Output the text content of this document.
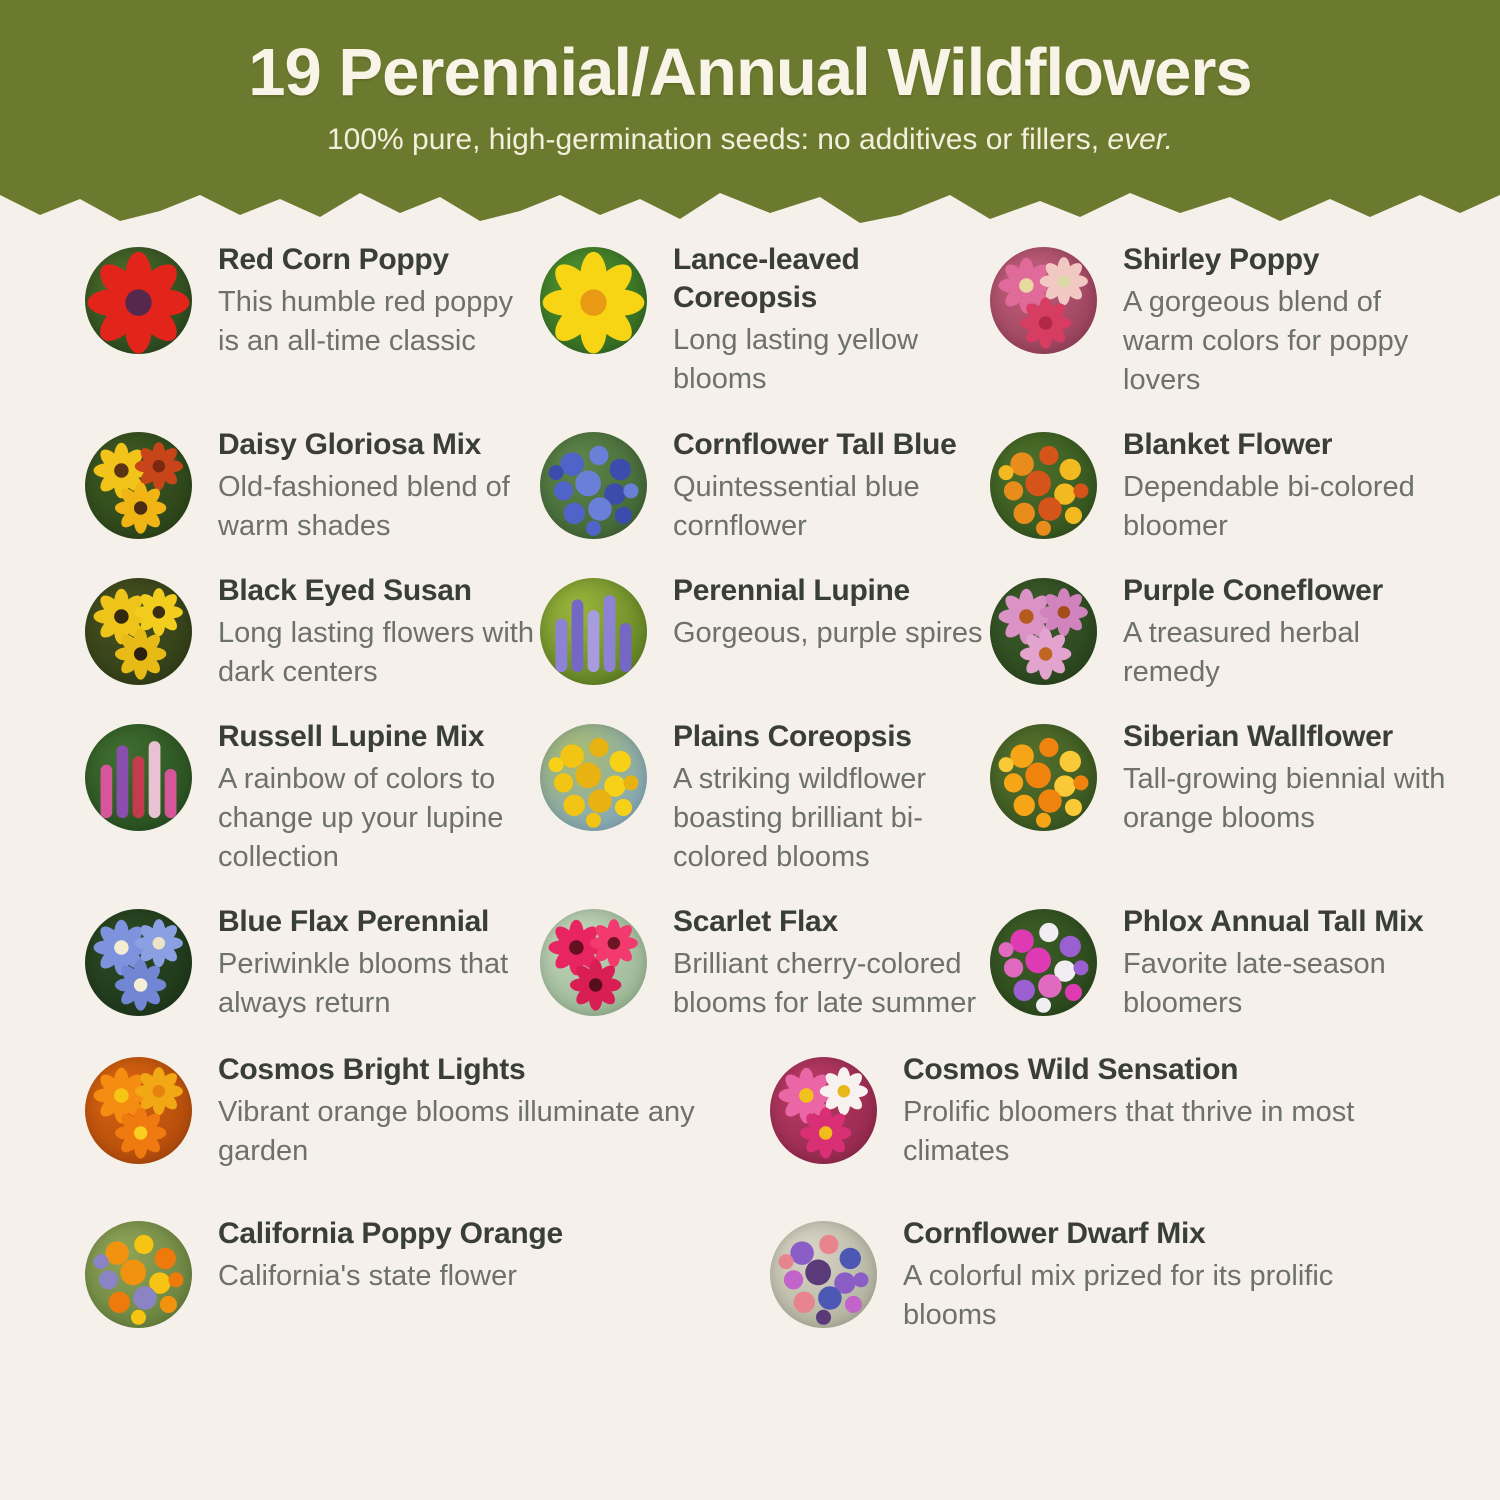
19 Perennial/Annual Wildflowers

100% pure, high-germination seeds: no additives or fillers, ever.

Red Corn Poppy

This humble red poppy is an all-time classic

Lance-leaved Coreopsis

Long lasting yellow blooms

Shirley Poppy

A gorgeous blend of warm colors for poppy lovers

Daisy Gloriosa Mix

Old-fashioned blend of warm shades

Cornflower Tall Blue

Quintessential blue cornflower

Blanket Flower

Dependable bi-colored bloomer

Black Eyed Susan

Long lasting flowers with dark centers

Perennial Lupine

Gorgeous, purple spires

Purple Coneflower

A treasured herbal remedy

Russell Lupine Mix

A rainbow of colors to change up your lupine collection

Plains Coreopsis

A striking wildflower boasting brilliant bi-colored blooms

Siberian Wallflower

Tall-growing biennial with orange blooms

Blue Flax Perennial

Periwinkle blooms that always return

Scarlet Flax

Brilliant cherry-colored blooms for late summer

Phlox Annual Tall Mix

Favorite late-season bloomers

Cosmos Bright Lights

Vibrant orange blooms illuminate any garden

Cosmos Wild Sensation

Prolific bloomers that thrive in most climates

California Poppy Orange

California's state flower

Cornflower Dwarf Mix

A colorful mix prized for its prolific blooms
